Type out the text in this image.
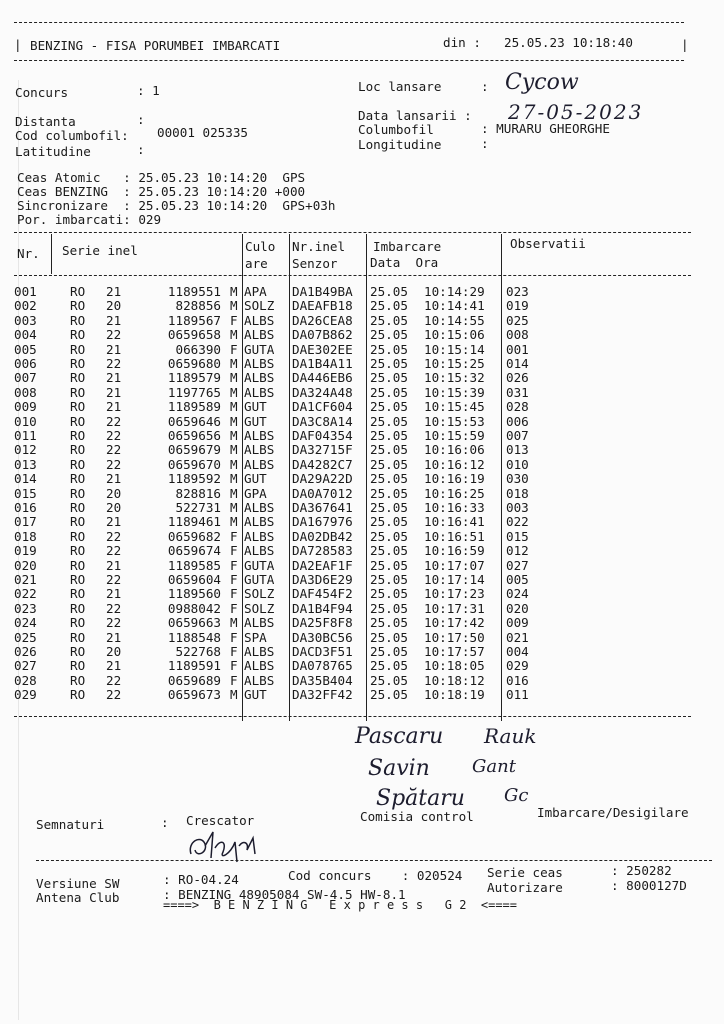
|	|
BENZING - FISA PORUMBEI IMBARCATI	din : 25.05.23 10:18:40
Concurs	: 1	Loc lansare	: Cycow
Distanta	:	Data lansarii : 27-05-2023
Cod columbofil: 00001 025335	Columbofil	: MURARU GHEORGHE
Latitudine	:	Longitudine	:
Ceas Atomic   : 25.05.23 10:14:20  GPS
Ceas BENZING  : 25.05.23 10:14:20 +000
Sincronizare  : 25.05.23 10:14:20  GPS+03h
Por. imbarcati: 029
Nr. Serie inel	Culo
are
Nr.inel
Senzor
Imbarcare
Data  Ora
Observatii
001	RO 21	1189551 M APA DA1B49BA 25.05 10:14:29 023
002	RO 20	828856 M SOLZ DAEAFB18 25.05 10:14:41 019
003	RO 21	1189567 F ALBS DA26CEA8 25.05 10:14:55 025
004	RO 22	0659658 M ALBS DA07B862 25.05 10:15:06 008
005	RO 21	066390 F GUTA DAE302EE 25.05 10:15:14 001
006	RO 22	0659680 M ALBS DA1B4A11 25.05 10:15:25 014
007	RO 21	1189579 M ALBS DA446EB6 25.05 10:15:32 026
008	RO 21	1197765 M ALBS DA324A48 25.05 10:15:39 031
009	RO 21	1189589 M GUT DA1CF604 25.05 10:15:45 028
010	RO 22	0659646 M GUT DA3C8A14 25.05 10:15:53 006
011	RO 22	0659656 M ALBS DAF04354 25.05 10:15:59 007
012	RO 22	0659679 M ALBS DA32715F 25.05 10:16:06 013
013	RO 22	0659670 M ALBS DA4282C7 25.05 10:16:12 010
014	RO 21	1189592 M GUT DA29A22D 25.05 10:16:19 030
015	RO 20	828816 M GPA DA0A7012 25.05 10:16:25 018
016	RO 20	522731 M ALBS DA367641 25.05 10:16:33 003
017	RO 21	1189461 M ALBS DA167976 25.05 10:16:41 022
018	RO 22	0659682 F ALBS DA02DB42 25.05 10:16:51 015
019	RO 22	0659674 F ALBS DA728583 25.05 10:16:59 012
020	RO 21	1189585 F GUTA DA2EAF1F 25.05 10:17:07 027
021	RO 22	0659604 F GUTA DA3D6E29 25.05 10:17:14 005
022	RO 21	1189560 F SOLZ DAF454F2 25.05 10:17:23 024
023	RO 22	0988042 F SOLZ DA1B4F94 25.05 10:17:31 020
024	RO 22	0659663 M ALBS DA25F8F8 25.05 10:17:42 009
025	RO 21	1188548 F SPA DA30BC56 25.05 10:17:50 021
026	RO 20	522768 F ALBS DACD3F51 25.05 10:17:57 004
027	RO 21	1189591 F ALBS DA078765 25.05 10:18:05 029
028	RO 22	0659689 F ALBS DA35B404 25.05 10:18:12 016
029	RO 22	0659673 M GUT DA32FF42 25.05 10:18:19 011
Pascaru
Savin
Spătaru
Rauk
Gant
Gc
Semnaturi	: Crescator	Comisia control	Imbarcare/Desigilare
Versiune SW
Antena Club
: RO-04.24	Cod concurs    : 020524 Serie ceas	: 250282
: BENZING 48905084 SW-4.5 HW-8.1	Autorizare	: 8000127D
====>  B E N Z I N G   E x p r e s s   G 2  <====
